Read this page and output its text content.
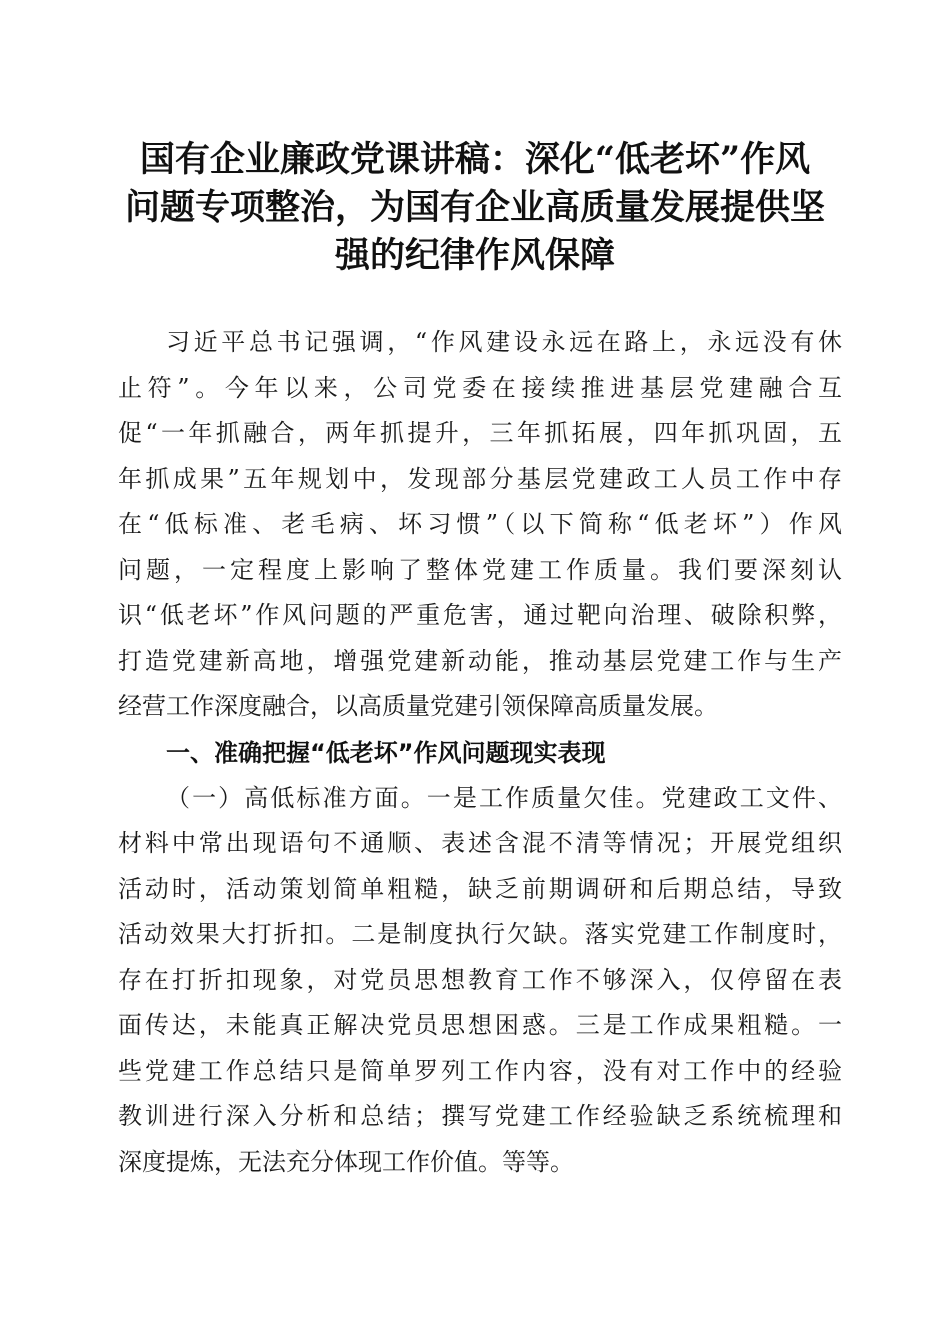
国有企业廉政党课讲稿：深化“低老坏”作风
问题专项整治，为国有企业高质量发展提供坚
强的纪律作风保障

习近平总书记强调，“作风建设永远在路上，永远没有休
止符”。今年以来，公司党委在接续推进基层党建融合互
促“一年抓融合，两年抓提升，三年抓拓展，四年抓巩固，五
年抓成果”五年规划中，发现部分基层党建政工人员工作中存
在“低标准、老毛病、坏习惯”（以下简称“低老坏”）作风
问题，一定程度上影响了整体党建工作质量。我们要深刻认
识“低老坏”作风问题的严重危害，通过靶向治理、破除积弊，
打造党建新高地，增强党建新动能，推动基层党建工作与生产
经营工作深度融合，以高质量党建引领保障高质量发展。

一、准确把握“低老坏”作风问题现实表现

（一）高低标准方面。一是工作质量欠佳。党建政工文件、
材料中常出现语句不通顺、表述含混不清等情况；开展党组织
活动时，活动策划简单粗糙，缺乏前期调研和后期总结，导致
活动效果大打折扣。二是制度执行欠缺。落实党建工作制度时，
存在打折扣现象，对党员思想教育工作不够深入，仅停留在表
面传达，未能真正解决党员思想困惑。三是工作成果粗糙。一
些党建工作总结只是简单罗列工作内容，没有对工作中的经验
教训进行深入分析和总结；撰写党建工作经验缺乏系统梳理和
深度提炼，无法充分体现工作价值。等等。
